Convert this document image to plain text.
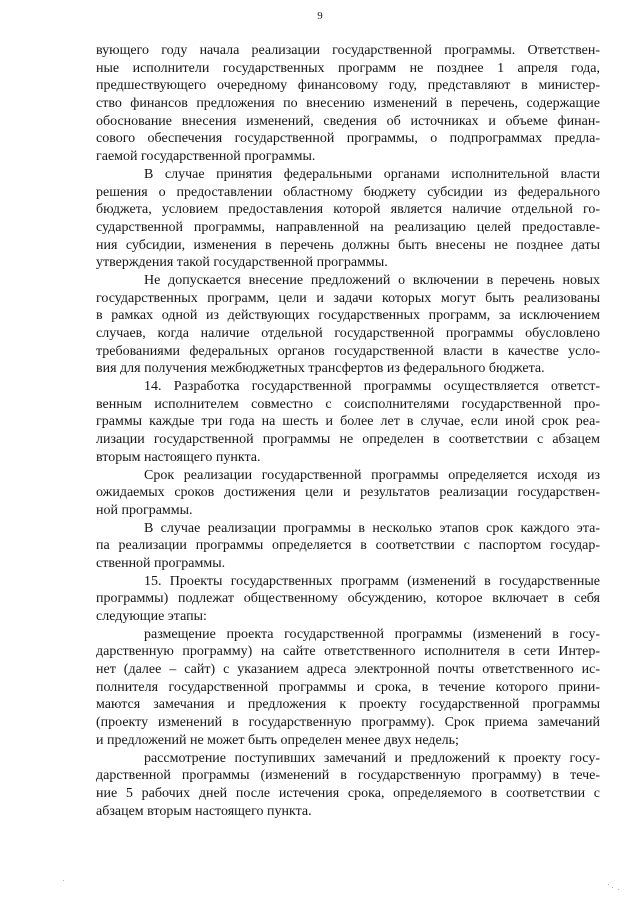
9
вующего году начала реализации государственной программы. Ответствен-
ные исполнители государственных программ не позднее 1 апреля года,
предшествующего очередному финансовому году, представляют в министер-
ство финансов предложения по внесению изменений в перечень, содержащие
обоснование внесения изменений, сведения об источниках и объеме финан-
сового обеспечения государственной программы, о подпрограммах предла-
гаемой государственной программы.
В случае принятия федеральными органами исполнительной власти
решения о предоставлении областному бюджету субсидии из федерального
бюджета, условием предоставления которой является наличие отдельной го-
сударственной программы, направленной на реализацию целей предоставле-
ния субсидии, изменения в перечень должны быть внесены не позднее даты
утверждения такой государственной программы.
Не допускается внесение предложений о включении в перечень новых
государственных программ, цели и задачи которых могут быть реализованы
в рамках одной из действующих государственных программ, за исключением
случаев, когда наличие отдельной государственной программы обусловлено
требованиями федеральных органов государственной власти в качестве усло-
вия для получения межбюджетных трансфертов из федерального бюджета.
14. Разработка государственной программы осуществляется ответст-
венным исполнителем совместно с соисполнителями государственной про-
граммы каждые три года на шесть и более лет в случае, если иной срок реа-
лизации государственной программы не определен в соответствии с абзацем
вторым настоящего пункта.
Срок реализации государственной программы определяется исходя из
ожидаемых сроков достижения цели и результатов реализации государствен-
ной программы.
В случае реализации программы в несколько этапов срок каждого эта-
па реализации программы определяется в соответствии с паспортом государ-
ственной программы.
15. Проекты государственных программ (изменений в государственные
программы) подлежат общественному обсуждению, которое включает в себя
следующие этапы:
размещение проекта государственной программы (изменений в госу-
дарственную программу) на сайте ответственного исполнителя в сети Интер-
нет (далее – сайт) с указанием адреса электронной почты ответственного ис-
полнителя государственной программы и срока, в течение которого прини-
маются замечания и предложения к проекту государственной программы
(проекту изменений в государственную программу). Срок приема замечаний
и предложений не может быть определен менее двух недель;
рассмотрение поступивших замечаний и предложений к проекту госу-
дарственной программы (изменений в государственную программу) в тече-
ние 5 рабочих дней после истечения срока, определяемого в соответствии с
абзацем вторым настоящего пункта.
